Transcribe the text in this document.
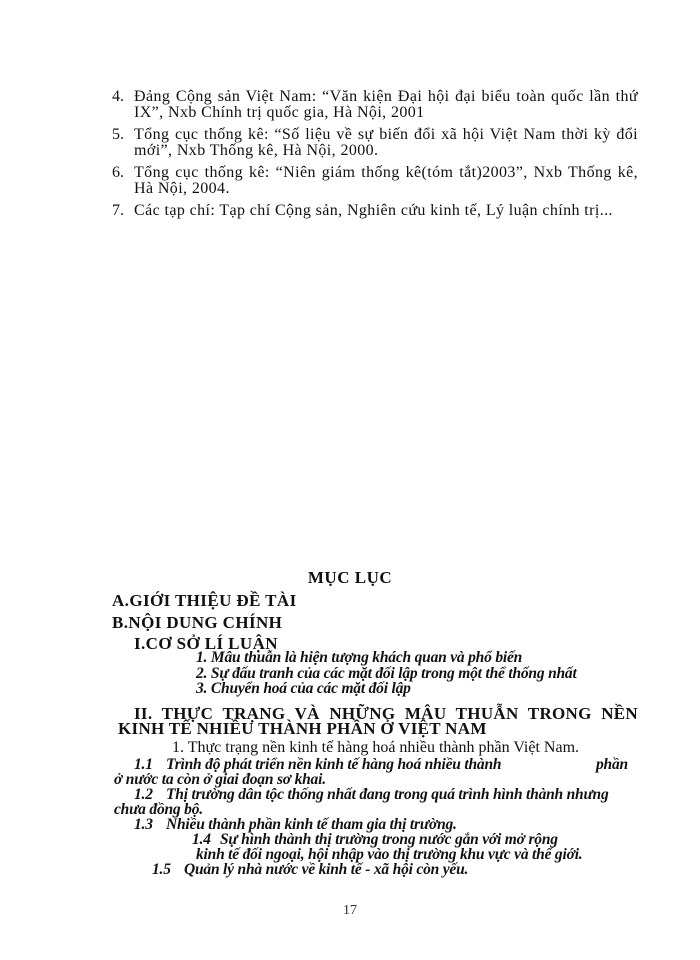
4. Đảng Cộng sản Việt Nam: “Văn kiện Đại hội đại biểu toàn quốc lần thứ IX”, Nxb Chính trị quốc gia, Hà Nội, 2001
5. Tổng cục thống kê: “Số liệu về sự biến đổi xã hội Việt Nam thời kỳ đổi mới”, Nxb Thống kê, Hà Nội, 2000.
6. Tổng cục thống kê: “Niên giám thống kê(tóm tắt)2003”, Nxb Thống kê, Hà Nội, 2004.
7. Các tạp chí: Tạp chí Cộng sản, Nghiên cứu kinh tế, Lý luận chính trị...
MỤC LỤC
A.GIỚI THIỆU ĐỀ TÀI
B.NỘI DUNG CHÍNH
I.CƠ SỞ LÍ LUẬN
1. Mâu thuẫn là hiện tượng khách quan và phổ biến
2. Sự đấu tranh của các mặt đối lập trong một thể thống nhất
3. Chuyển hoá của các mặt đối lập
II. THỰC TRẠNG VÀ NHỮNG MÂU THUẪN TRONG NỀN
KINH TẾ NHIỀU THÀNH PHẦN Ở VIỆT NAM
1. Thực trạng nền kinh tế hàng hoá nhiều thành phần Việt Nam.
1.1 Trình độ phát triển nền kinh tế hàng hoá nhiều thành	phần
ở nước ta còn ở giai đoạn sơ khai.
1.2 Thị trường dân tộc thống nhất đang trong quá trình hình thành nhưng
chưa đồng bộ.
1.3 Nhiều thành phần kinh tế tham gia thị trường.
1.4 Sự hình thành thị trường trong nước gắn với mở rộng
kinh tế đối ngoại, hội nhập vào thị trường khu vực và thế giới.
1.5 Quản lý nhà nước về kinh tế - xã hội còn yếu.
17
